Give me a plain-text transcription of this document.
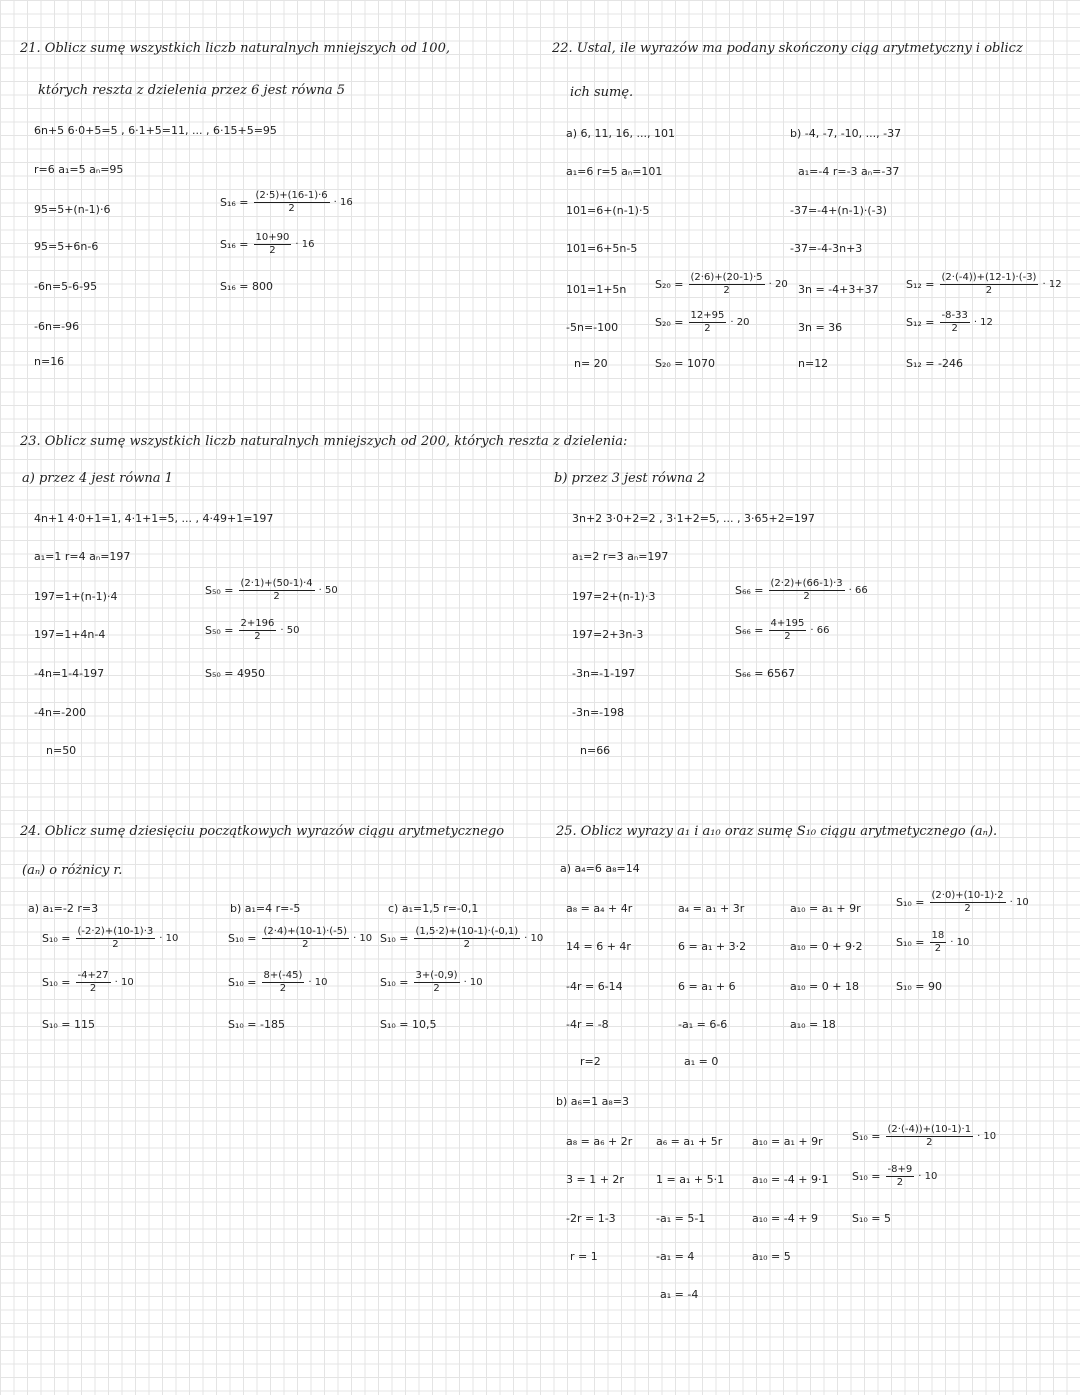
21. Oblicz sumę wszystkich liczb naturalnych mniejszych od 100,
których reszta z dzielenia przez 6 jest równa 5
6n+5 6·0+5=5 , 6·1+5=11, ... , 6·15+5=95
r=6 a₁=5 aₙ=95
95=5+(n-1)·6
95=5+6n-6
-6n=5-6-95
-6n=-96
n=16
$S_{16} = \frac{(2\cdot 5)+(16-1)\cdot 6}{2} \cdot 16$
$S_{16} = \frac{10+90}{2} \cdot 16$
S₁₆ = 800
22. Ustal, ile wyrazów ma podany skończony ciąg arytmetyczny i oblicz
ich sumę.
a) 6, 11, 16, ..., 101
a₁=6 r=5 aₙ=101
101=6+(n-1)·5
101=6+5n-5
101=1+5n
-5n=-100
n= 20
$S_{20} = \frac{(2\cdot 6)+(20-1)\cdot 5}{2} \cdot 20$
$S_{20} = \frac{12+95}{2} \cdot 20$
S₂₀ = 1070
b) -4, -7, -10, ..., -37
a₁=-4 r=-3 aₙ=-37
-37=-4+(n-1)·(-3)
-37=-4-3n+3
3n = -4+3+37
3n = 36
n=12
$S_{12} = \frac{(2\cdot(-4))+(12-1)\cdot(-3)}{2} \cdot 12$
$S_{12} = \frac{-8-33}{2} \cdot 12$
S₁₂ = -246
23. Oblicz sumę wszystkich liczb naturalnych mniejszych od 200, których reszta z dzielenia:
a) przez 4 jest równa 1
4n+1 4·0+1=1, 4·1+1=5, ... , 4·49+1=197
a₁=1 r=4 aₙ=197
197=1+(n-1)·4
197=1+4n-4
-4n=1-4-197
-4n=-200
n=50
$S_{50} = \frac{(2\cdot 1)+(50-1)\cdot 4}{2} \cdot 50$
$S_{50} = \frac{2+196}{2} \cdot 50$
S₅₀ = 4950
b) przez 3 jest równa 2
3n+2 3·0+2=2 , 3·1+2=5, ... , 3·65+2=197
a₁=2 r=3 aₙ=197
197=2+(n-1)·3
197=2+3n-3
-3n=-1-197
-3n=-198
n=66
$S_{66} = \frac{(2\cdot 2)+(66-1)\cdot 3}{2} \cdot 66$
$S_{66} = \frac{4+195}{2} \cdot 66$
S₆₆ = 6567
24. Oblicz sumę dziesięciu początkowych wyrazów ciągu arytmetycznego
(aₙ) o różnicy r.
a) a₁=-2 r=3
$S_{10} = \frac{(-2\cdot 2)+(10-1)\cdot 3}{2} \cdot 10$
$S_{10} = \frac{-4+27}{2} \cdot 10$
S₁₀ = 115
b) a₁=4 r=-5
$S_{10} = \frac{(2\cdot 4)+(10-1)\cdot(-5)}{2} \cdot 10$
$S_{10} = \frac{8+(-45)}{2} \cdot 10$
S₁₀ = -185
c) a₁=1,5 r=-0,1
$S_{10} = \frac{(1,5\cdot 2)+(10-1)\cdot(-0,1)}{2} \cdot 10$
$S_{10} = \frac{3+(-0,9)}{2} \cdot 10$
S₁₀ = 10,5
25. Oblicz wyrazy a₁ i a₁₀ oraz sumę S₁₀ ciągu arytmetycznego (aₙ).
a) a₄=6 a₈=14
a₈ = a₄ + 4r
14 = 6 + 4r
-4r = 6-14
-4r = -8
r=2
a₄ = a₁ + 3r
6 = a₁ + 3·2
6 = a₁ + 6
-a₁ = 6-6
a₁ = 0
a₁₀ = a₁ + 9r
a₁₀ = 0 + 9·2
a₁₀ = 0 + 18
a₁₀ = 18
$S_{10} = \frac{(2\cdot 0)+(10-1)\cdot 2}{2} \cdot 10$
$S_{10} = \frac{18}{2} \cdot 10$
S₁₀ = 90
b) a₆=1 a₈=3
a₈ = a₆ + 2r
3 = 1 + 2r
-2r = 1-3
r = 1
a₆ = a₁ + 5r
1 = a₁ + 5·1
-a₁ = 5-1
-a₁ = 4
a₁ = -4
a₁₀ = a₁ + 9r
a₁₀ = -4 + 9·1
a₁₀ = -4 + 9
a₁₀ = 5
$S_{10} = \frac{(2\cdot(-4))+(10-1)\cdot 1}{2} \cdot 10$
$S_{10} = \frac{-8+9}{2} \cdot 10$
S₁₀ = 5
